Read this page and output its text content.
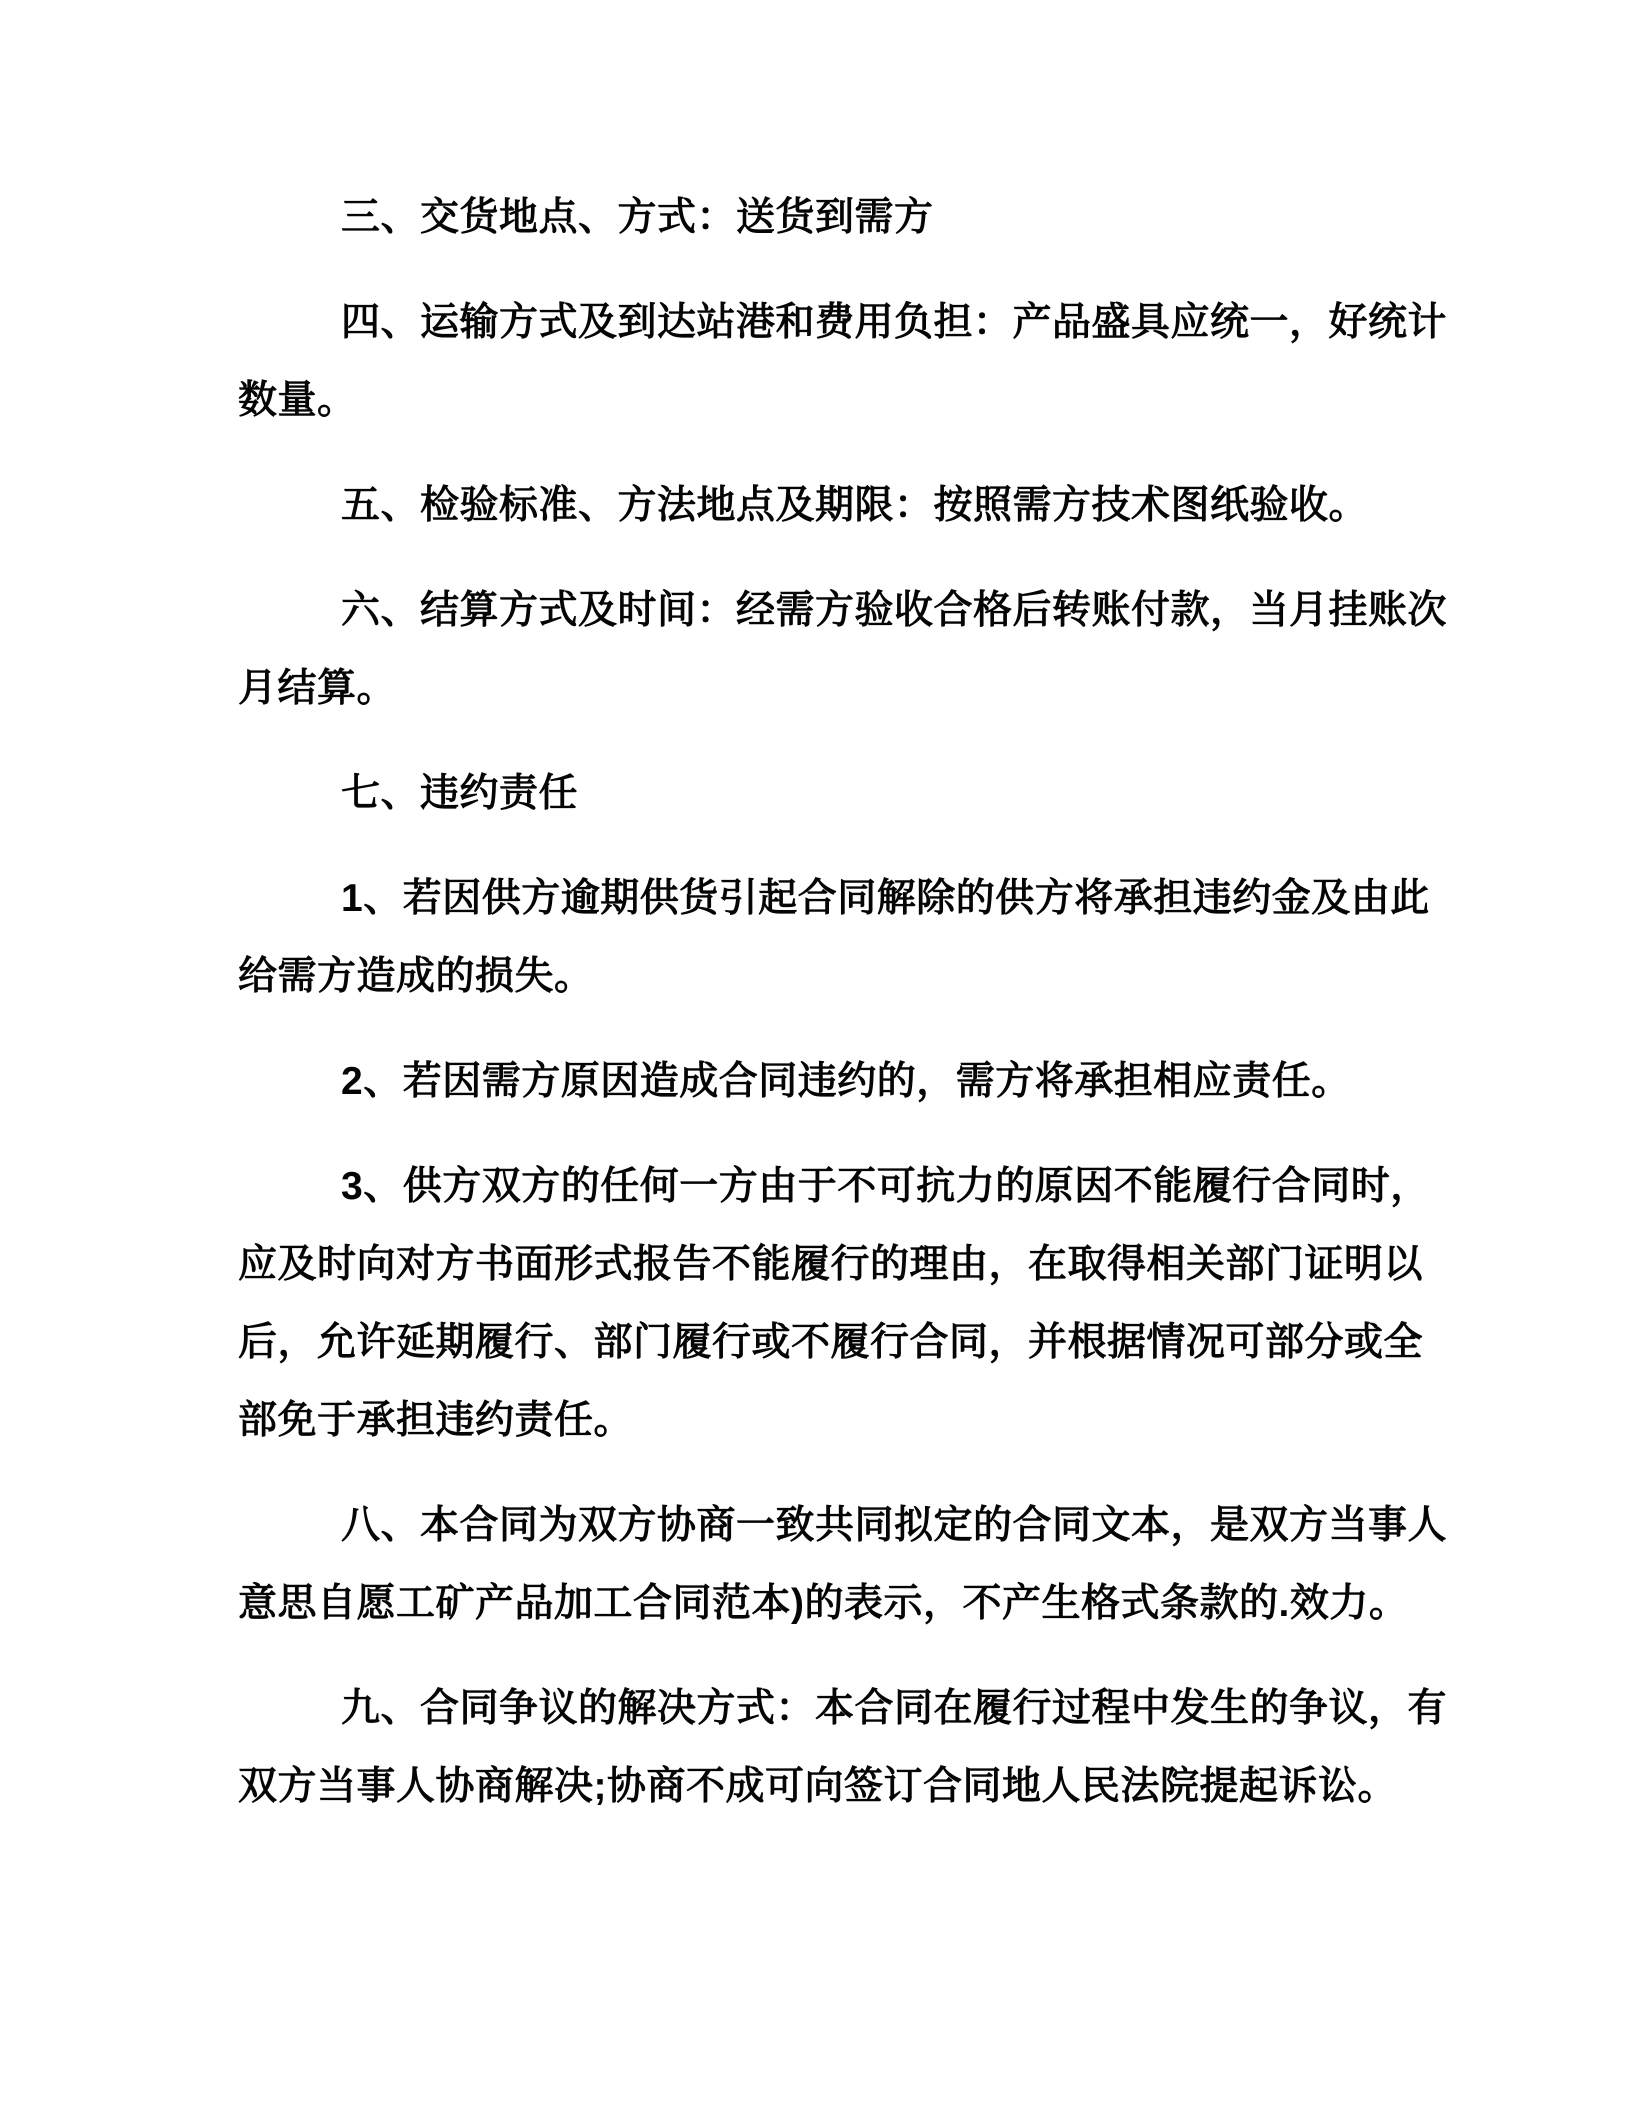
三、交货地点、方式：送货到需方
四、运输方式及到达站港和费用负担：产品盛具应统一，好统计
数量。
五、检验标准、方法地点及期限：按照需方技术图纸验收。
六、结算方式及时间：经需方验收合格后转账付款，当月挂账次
月结算。
七、违约责任
1、若因供方逾期供货引起合同解除的供方将承担违约金及由此
给需方造成的损失。
2、若因需方原因造成合同违约的，需方将承担相应责任。
3、供方双方的任何一方由于不可抗力的原因不能履行合同时，
应及时向对方书面形式报告不能履行的理由，在取得相关部门证明以
后，允许延期履行、部门履行或不履行合同，并根据情况可部分或全
部免于承担违约责任。
八、本合同为双方协商一致共同拟定的合同文本，是双方当事人
意思自愿工矿产品加工合同范本)的表示，不产生格式条款的.效力。
九、合同争议的解决方式：本合同在履行过程中发生的争议，有
双方当事人协商解决;协商不成可向签订合同地人民法院提起诉讼。
